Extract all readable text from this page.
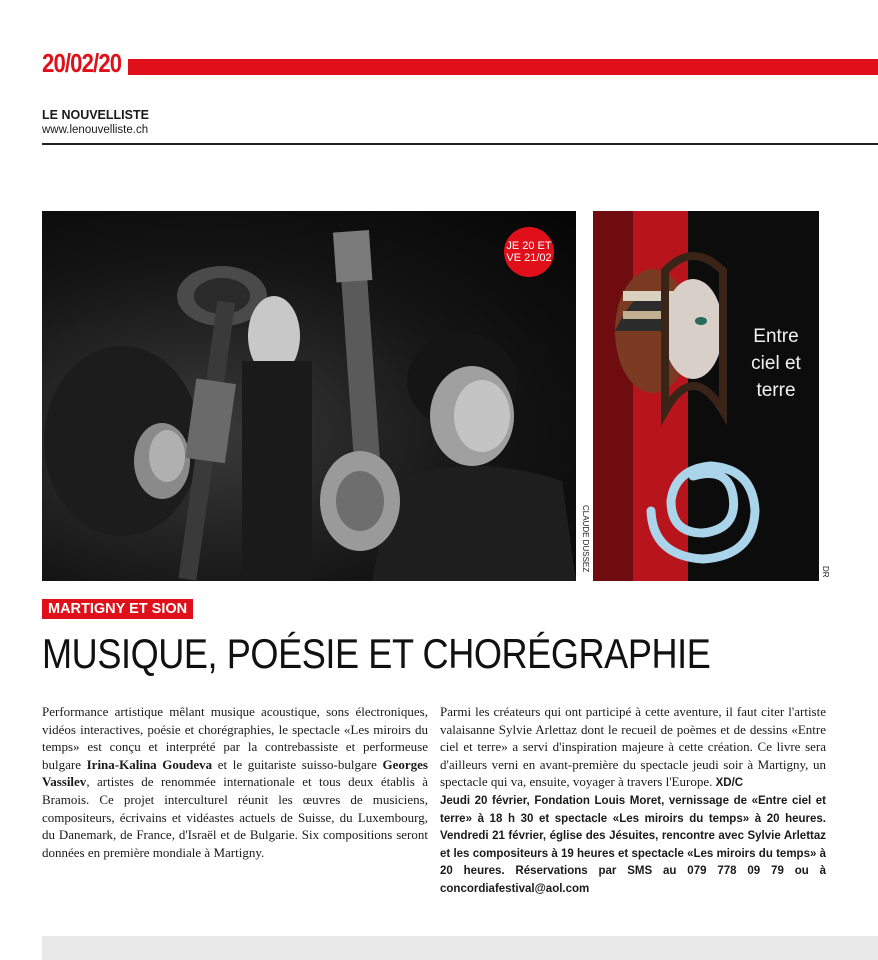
20/02/20
LE NOUVELLISTE
www.lenouvelliste.ch
JE 20 ET
VE 21/02
CLAUDE DUSSEZ
Entre
ciel et
terre
DR
MARTIGNY ET SION
MUSIQUE, POÉSIE ET CHORÉGRAPHIE

Performance artistique mêlant musique acoustique, sons électroniques, vidéos interactives, poésie et chorégraphies, le spectacle «Les miroirs du temps» est conçu et interprété par la contrebassiste et performeuse bulgare Irina-Kalina Goudeva et le guitariste suisso-bulgare Georges Vassilev, artistes de renommée internationale et tous deux établis à Bramois. Ce projet interculturel réunit les œuvres de musiciens, compositeurs, écrivains et vidéastes actuels de Suisse, du Luxembourg, du Danemark, de France, d'Israël et de Bulgarie. Six compositions seront données en première mondiale à Martigny.

Parmi les créateurs qui ont participé à cette aventure, il faut citer l'artiste valaisanne Sylvie Arlettaz dont le recueil de poèmes et de dessins «Entre ciel et terre» a servi d'inspiration majeure à cette création. Ce livre sera d'ailleurs verni en avant-première du spectacle jeudi soir à Martigny, un spectacle qui va, ensuite, voyager à travers l'Europe. XD/C

Jeudi 20 février, Fondation Louis Moret, vernissage de «Entre ciel et terre» à 18 h 30 et spectacle «Les miroirs du temps» à 20 heures. Vendredi 21 février, église des Jésuites, rencontre avec Sylvie Arlettaz et les compositeurs à 19 heures et spectacle «Les miroirs du temps» à 20 heures. Réservations par SMS au 079 778 09 79 ou à concordiafestival@aol.com
